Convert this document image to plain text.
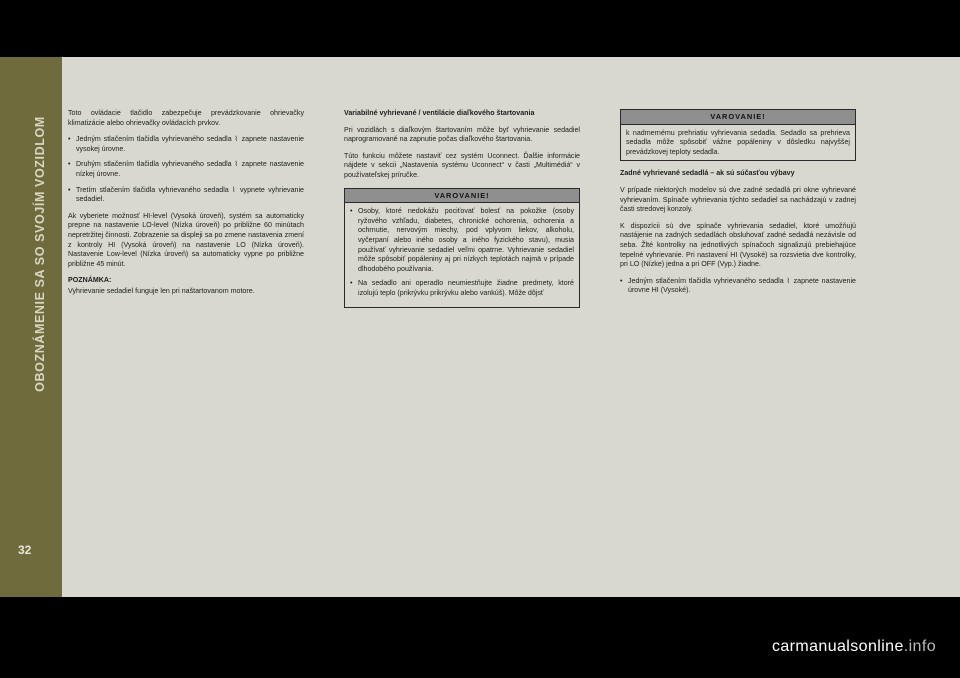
OBOZNÁMENIE SA SO SVOJÍM VOZIDLOM
32

Toto ovládacie tlačidlo zabezpečuje prevádzkovanie ohrievačky klimatizácie alebo ohrievačky ovládacích prvkov.

• Jedným stlačením tlačidla vyhrievaného sedadla ⌇ zapnete nastavenie vysokej úrovne.
• Druhým stlačením tlačidla vyhrievaného sedadla ⌇ zapnete nastavenie nízkej úrovne.
• Tretím stlačením tlačidla vyhrievaného sedadla ⌇ vypnete vyhrievanie sedadiel.

Ak vyberiete možnosť HI-level (Vysoká úroveň), systém sa automaticky prepne na nastavenie LO-level (Nízka úroveň) po približne 60 minútach nepretržitej činnosti. Zobrazenie sa displeji sa po zmene nastavenia zmení z kontroly HI (Vysoká úroveň) na nastavenie LO (Nízka úroveň). Nastavenie Low-level (Nízka úroveň) sa automaticky vypne po približne približne 45 minút.

POZNÁMKA:
Vyhrievanie sedadiel funguje len pri naštartovanom motore.

Variabilné vyhrievané / ventilácie diaľkového štartovania

Pri vozidlách s diaľkovým štartovaním môže byť vyhrievanie sedadiel naprogramované na zapnutie počas diaľkového štartovania.

Túto funkciu môžete nastaviť cez systém Uconnect. Ďalšie informácie nájdete v sekcii „Nastavenia systému Uconnect“ v časti „Multimédiá“ v používateľskej príručke.

VAROVANIE!
• Osoby, ktoré nedokážu pociťovať bolesť na pokožke (osoby ryžového vzhľadu, diabetes, chronické ochorenia, ochorenia a ochrnutie, nervovým miechy, pod vplyvom liekov, alkoholu, vyčerpaní alebo iného osoby a iného fyzického stavu), musia používať vyhrievanie sedadiel veľmi opatrne. Vyhrievanie sedadiel môže spôsobiť popáleniny aj pri nízkych teplotách najmä v prípade dlhodobého používania.
• Na sedadlo ani operadlo neumiestňujte žiadne predmety, ktoré izolujú teplo (prikrývku prikrývku alebo vankúš). Môže dôjsť
VAROVANIE!

k nadmernému prehriatiu vyhrievania sedadla. Sedadlo sa prehrieva sedadla môže spôsobiť vážne popáleniny v dôsledku najvyššej prevádzkovej teploty sedadla.

Zadné vyhrievané sedadlá – ak sú súčasťou výbavy

V prípade niektorých modelov sú dve zadné sedadlá pri okne vyhrievané vyhrievaním. Spínače vyhrievania týchto sedadiel sa nachádzajú v zadnej časti stredovej konzoly.

K dispozícii sú dve spínače vyhrievania sedadiel, ktoré umožňujú nastájenie na zadných sedadlách obsluhovať zadné sedadlá nezávisle od seba. Žlté kontrolky na jednotlivých spínačoch signalizujú prebiehajúce tepelné vyhrievanie. Pri nastavení HI (Vysoké) sa rozsvietia dve kontrolky, pri LO (Nízke) jedna a pri OFF (Vyp.) žiadne.

• Jedným stlačením tlačidla vyhrievaného sedadla ⌇ zapnete nastavenie úrovne HI (Vysoké).
carmanualsonline.info
